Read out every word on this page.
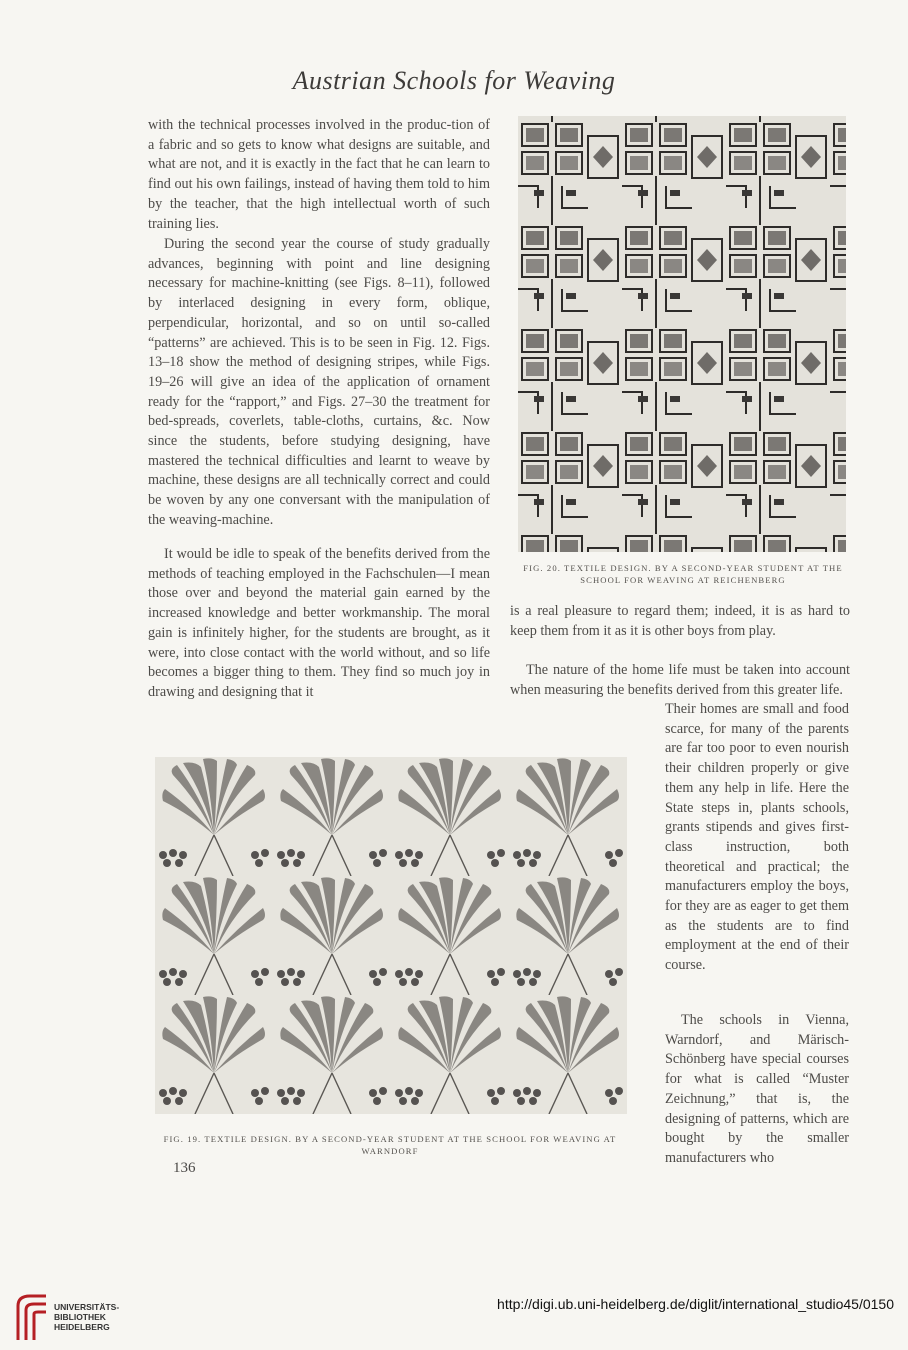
Austrian Schools for Weaving

with the technical processes involved in the produc-tion of a fabric and so gets to know what designs are suitable, and what are not, and it is exactly in the fact that he can learn to find out his own failings, instead of having them told to him by the teacher, that the high intellectual worth of such training lies.

During the second year the course of study gradually advances, beginning with point and line designing necessary for machine-knitting (see Figs. 8–11), followed by interlaced designing in every form, oblique, perpendicular, horizontal, and so on until so-called “patterns” are achieved. This is to be seen in Fig. 12. Figs. 13–18 show the method of designing stripes, while Figs. 19–26 will give an idea of the application of ornament ready for the “rapport,” and Figs. 27–30 the treatment for bed-spreads, coverlets, table-cloths, curtains, &c. Now since the students, before studying designing, have mastered the technical difficulties and learnt to weave by machine, these designs are all technically correct and could be woven by any one conversant with the manipulation of the weaving-machine.

It would be idle to speak of the benefits derived from the methods of teaching employed in the Fachschulen—I mean those over and beyond the material gain earned by the increased knowledge and better workmanship. The moral gain is infinitely higher, for the students are brought, as it were, into close contact with the world without, and so life becomes a bigger thing to them. They find so much joy in drawing and designing that it

FIG. 20. TEXTILE DESIGN. BY A SECOND-YEAR STUDENT AT THE SCHOOL FOR WEAVING AT REICHENBERG

is a real pleasure to regard them; indeed, it is as hard to keep them from it as it is other boys from play.

The nature of the home life must be taken into account when measuring the benefits derived from this greater life.

Their homes are small and food scarce, for many of the parents are far too poor to even nourish their children properly or give them any help in life. Here the State steps in, plants schools, grants stipends and gives first-class instruction, both theoretical and practical; the manufacturers employ the boys, for they are as eager to get them as the students are to find employment at the end of their course.

The schools in Vienna, Warndorf, and Märisch-Schönberg have special courses for what is called “Muster Zeichnung,” that is, the designing of patterns, which are bought by the smaller manufacturers who

FIG. 19. TEXTILE DESIGN. BY A SECOND-YEAR STUDENT AT THE SCHOOL FOR WEAVING AT WARNDORF

136
UNIVERSITÄTS-
BIBLIOTHEK
HEIDELBERG
http://digi.ub.uni-heidelberg.de/diglit/international_studio45/0150
